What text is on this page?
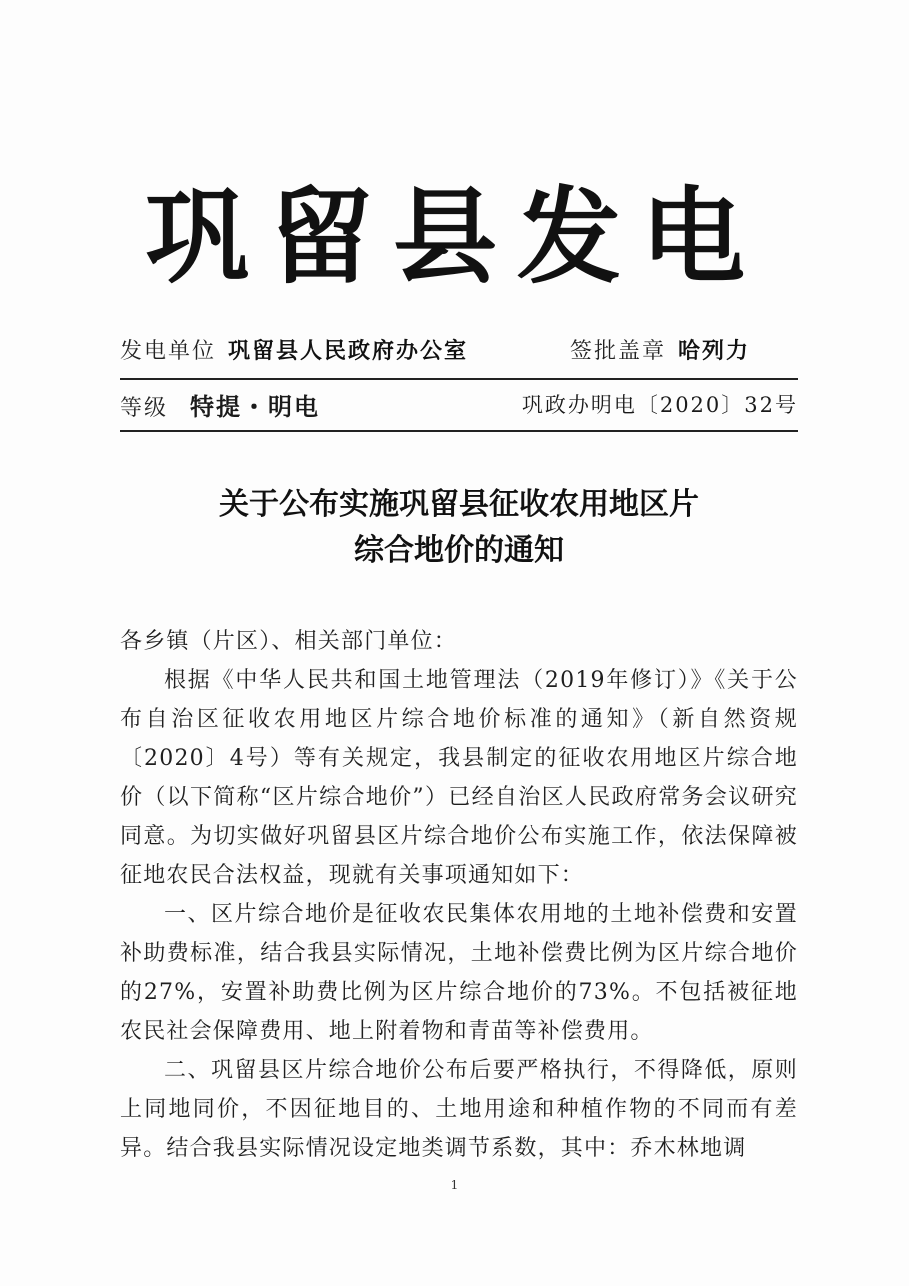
巩留县发电
发电单位 巩留县人民政府办公室	签批盖章 哈列力
等级 特提・明电	巩政办明电〔2020〕32号
关于公布实施巩留县征收农用地区片
综合地价的通知

各乡镇（片区）、相关部门单位：

根据《中华人民共和国土地管理法（2019年修订）》《关于公布自治区征收农用地区片综合地价标准的通知》（新自然资规〔2020〕4号）等有关规定，我县制定的征收农用地区片综合地价（以下简称“区片综合地价”）已经自治区人民政府常务会议研究同意。为切实做好巩留县区片综合地价公布实施工作，依法保障被征地农民合法权益，现就有关事项通知如下：

一、区片综合地价是征收农民集体农用地的土地补偿费和安置补助费标准，结合我县实际情况，土地补偿费比例为区片综合地价的27%，安置补助费比例为区片综合地价的73%。不包括被征地农民社会保障费用、地上附着物和青苗等补偿费用。

二、巩留县区片综合地价公布后要严格执行，不得降低，原则上同地同价，不因征地目的、土地用途和种植作物的不同而有差异。结合我县实际情况设定地类调节系数，其中：乔木林地调

1
